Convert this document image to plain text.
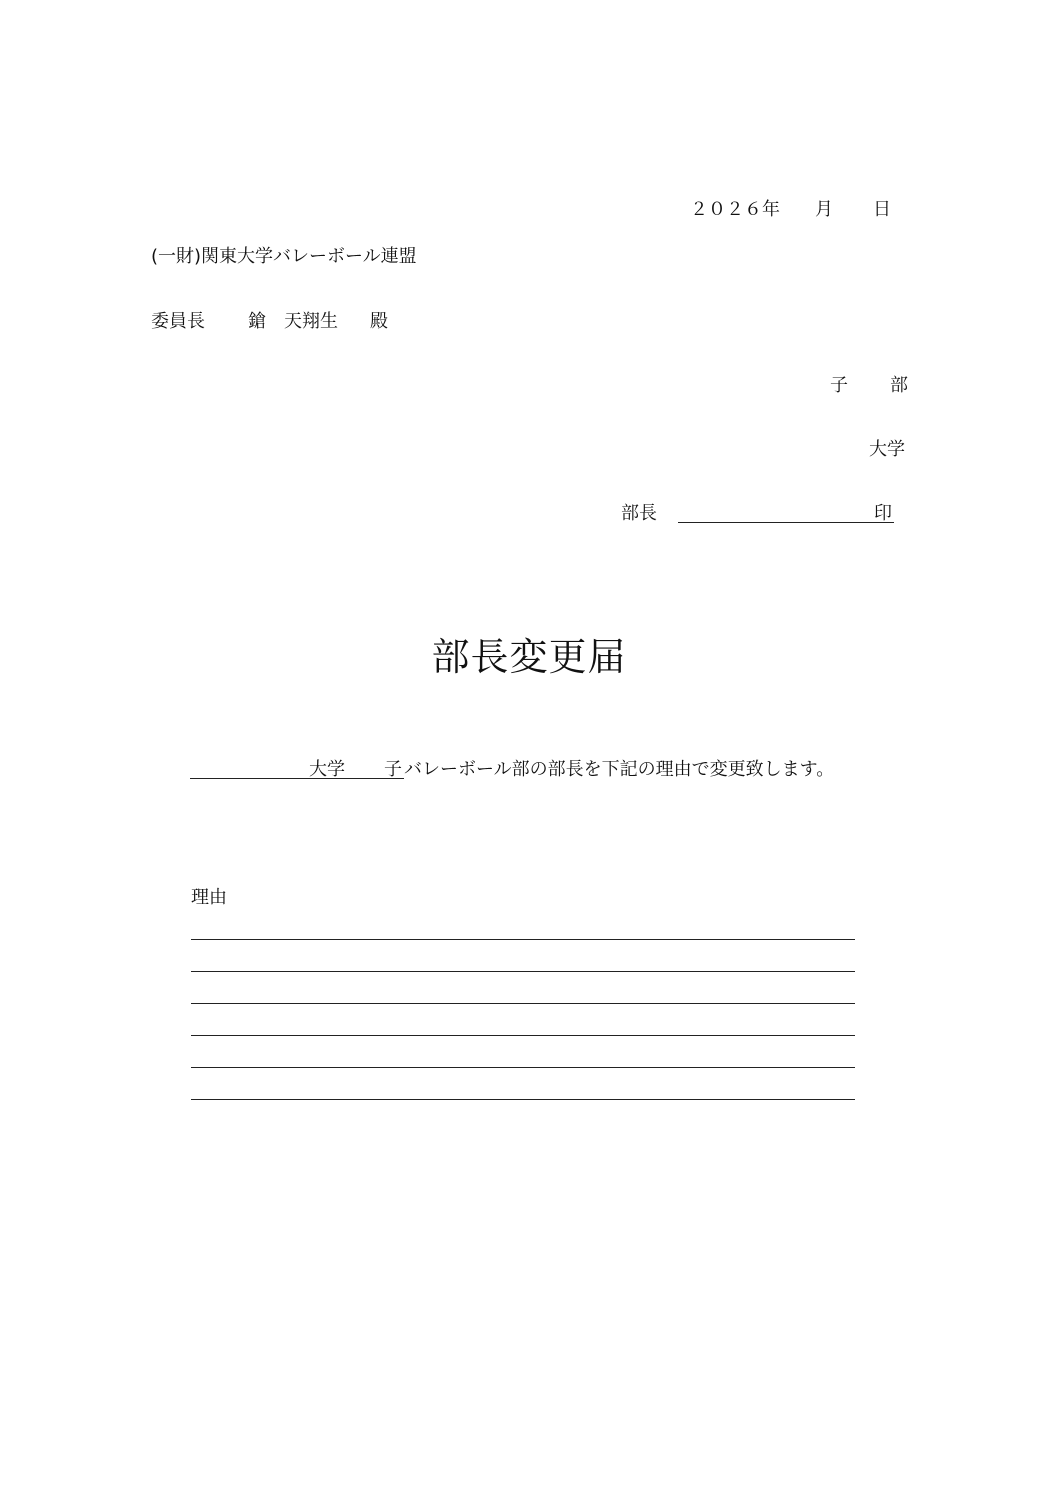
２０２６年 月 日
(一財)関東大学バレーボール連盟
委員長 鎗　天翔生 殿
子 部
大学
部長	印
部長変更届
大学 子 バレーボール部の部長を下記の理由で変更致します。
理由
